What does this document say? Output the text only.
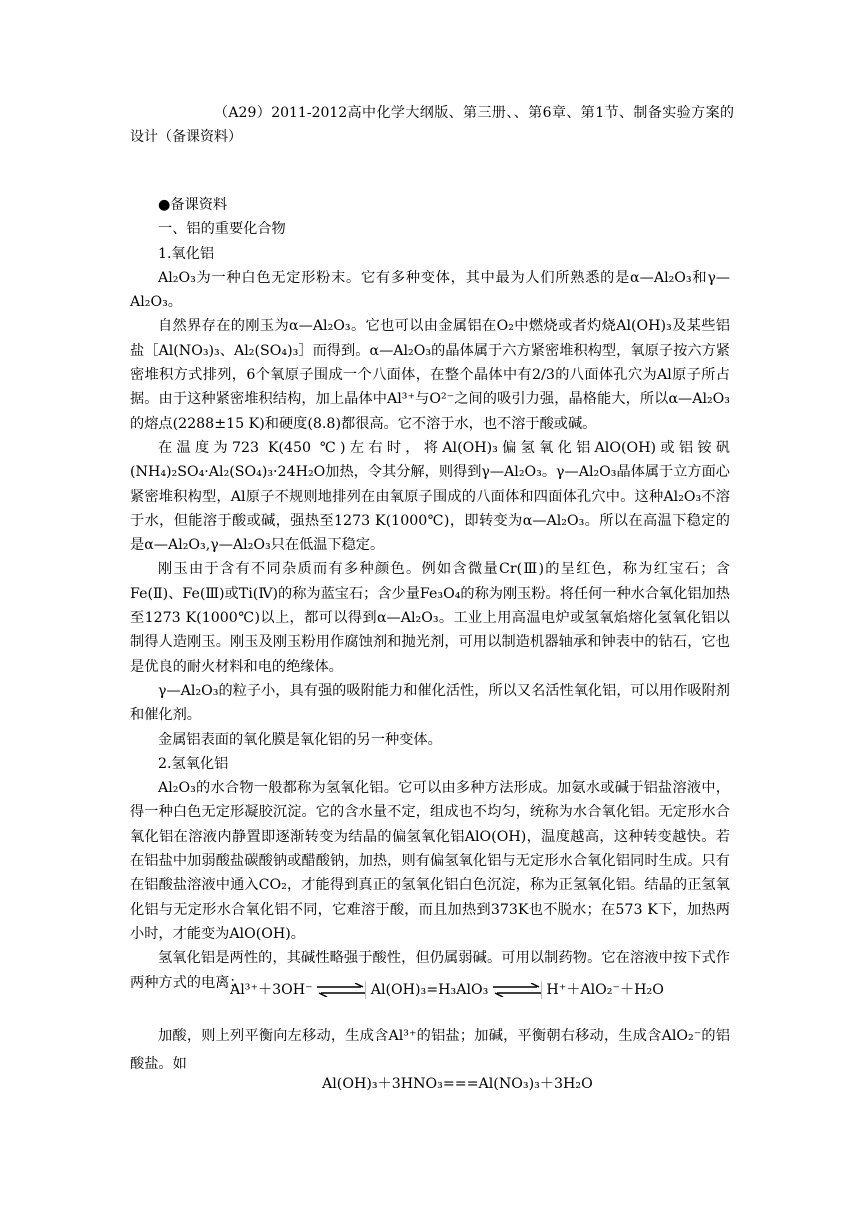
（A29）2011-2012高中化学大纲版、第三册、、第6章、第1节、制备实验方案的设计（备课资料）

●备课资料

一、铝的重要化合物

1.氧化铝

Al₂O₃为一种白色无定形粉末。它有多种变体，其中最为人们所熟悉的是α—Al₂O₃和γ—Al₂O₃。

自然界存在的刚玉为α—Al₂O₃。它也可以由金属铝在O₂中燃烧或者灼烧Al(OH)₃及某些铝盐［Al(NO₃)₃、Al₂(SO₄)₃］而得到。α—Al₂O₃的晶体属于六方紧密堆积构型，氧原子按六方紧密堆积方式排列，6个氧原子围成一个八面体，在整个晶体中有2/3的八面体孔穴为Al原子所占据。由于这种紧密堆积结构，加上晶体中Al³⁺与O²⁻之间的吸引力强，晶格能大，所以α—Al₂O₃的熔点(2288±15 K)和硬度(8.8)都很高。它不溶于水，也不溶于酸或碱。

在温度为723 K(450 ℃)左右时，将Al(OH)₃偏氢氧化铝AlO(OH)或铝铵矾(NH₄)₂SO₄·Al₂(SO₄)₃·24H₂O加热，令其分解，则得到γ—Al₂O₃。γ—Al₂O₃晶体属于立方面心紧密堆积构型，Al原子不规则地排列在由氧原子围成的八面体和四面体孔穴中。这种Al₂O₃不溶于水，但能溶于酸或碱，强热至1273 K(1000℃)，即转变为α—Al₂O₃。所以在高温下稳定的是α—Al₂O₃,γ—Al₂O₃只在低温下稳定。

刚玉由于含有不同杂质而有多种颜色。例如含微量Cr(Ⅲ)的呈红色，称为红宝石；含Fe(Ⅱ)、Fe(Ⅲ)或Ti(Ⅳ)的称为蓝宝石；含少量Fe₃O₄的称为刚玉粉。将任何一种水合氧化铝加热至1273 K(1000℃)以上，都可以得到α—Al₂O₃。工业上用高温电炉或氢氧焰熔化氢氧化铝以制得人造刚玉。刚玉及刚玉粉用作腐蚀剂和抛光剂，可用以制造机器轴承和钟表中的钻石，它也是优良的耐火材料和电的绝缘体。

γ—Al₂O₃的粒子小，具有强的吸附能力和催化活性，所以又名活性氧化铝，可以用作吸附剂和催化剂。

金属铝表面的氧化膜是氧化铝的另一种变体。

2.氢氧化铝

Al₂O₃的水合物一般都称为氢氧化铝。它可以由多种方法形成。加氨水或碱于铝盐溶液中，得一种白色无定形凝胶沉淀。它的含水量不定，组成也不均匀，统称为水合氧化铝。无定形水合氧化铝在溶液内静置即逐渐转变为结晶的偏氢氧化铝AlO(OH)，温度越高，这种转变越快。若在铝盐中加弱酸盐碳酸钠或醋酸钠，加热，则有偏氢氧化铝与无定形水合氧化铝同时生成。只有在铝酸盐溶液中通入CO₂，才能得到真正的氢氧化铝白色沉淀，称为正氢氧化铝。结晶的正氢氧化铝与无定形水合氧化铝不同，它难溶于酸，而且加热到373K也不脱水；在573 K下，加热两小时，才能变为AlO(OH)。

氢氧化铝是两性的，其碱性略强于酸性，但仍属弱碱。可用以制药物。它在溶液中按下式作两种方式的电离：

Al³⁺＋3OH⁻ ⇌ Al(OH)₃=H₃AlO₃ ⇌ H⁺＋AlO₂⁻＋H₂O

加酸，则上列平衡向左移动，生成含Al³⁺的铝盐；加碱，平衡朝右移动，生成含AlO₂⁻的铝酸盐。如

Al(OH)₃＋3HNO₃===Al(NO₃)₃＋3H₂O
